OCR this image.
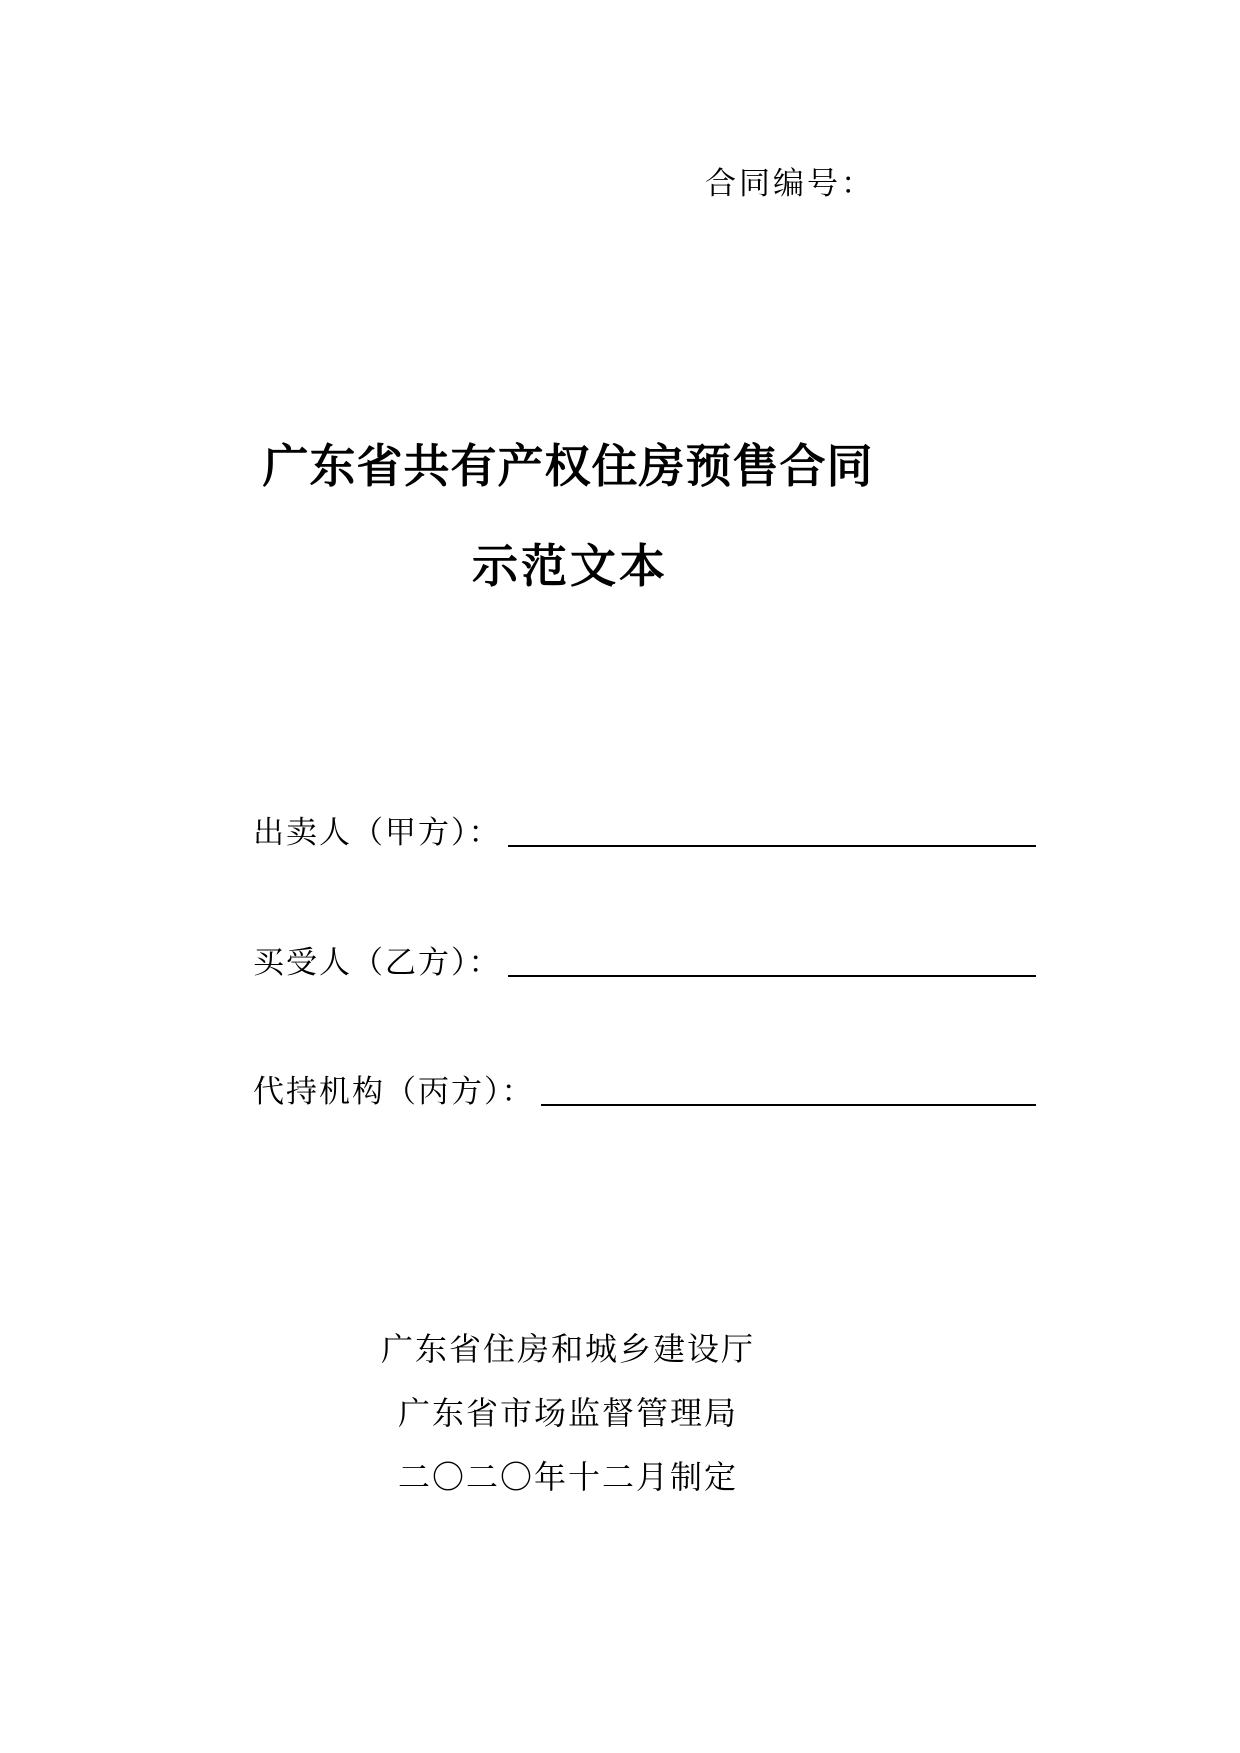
合同编号：
广东省共有产权住房预售合同
示范文本
出卖人（甲方）：
买受人（乙方）：
代持机构（丙方）：
广东省住房和城乡建设厅
广东省市场监督管理局
二〇二〇年十二月制定
